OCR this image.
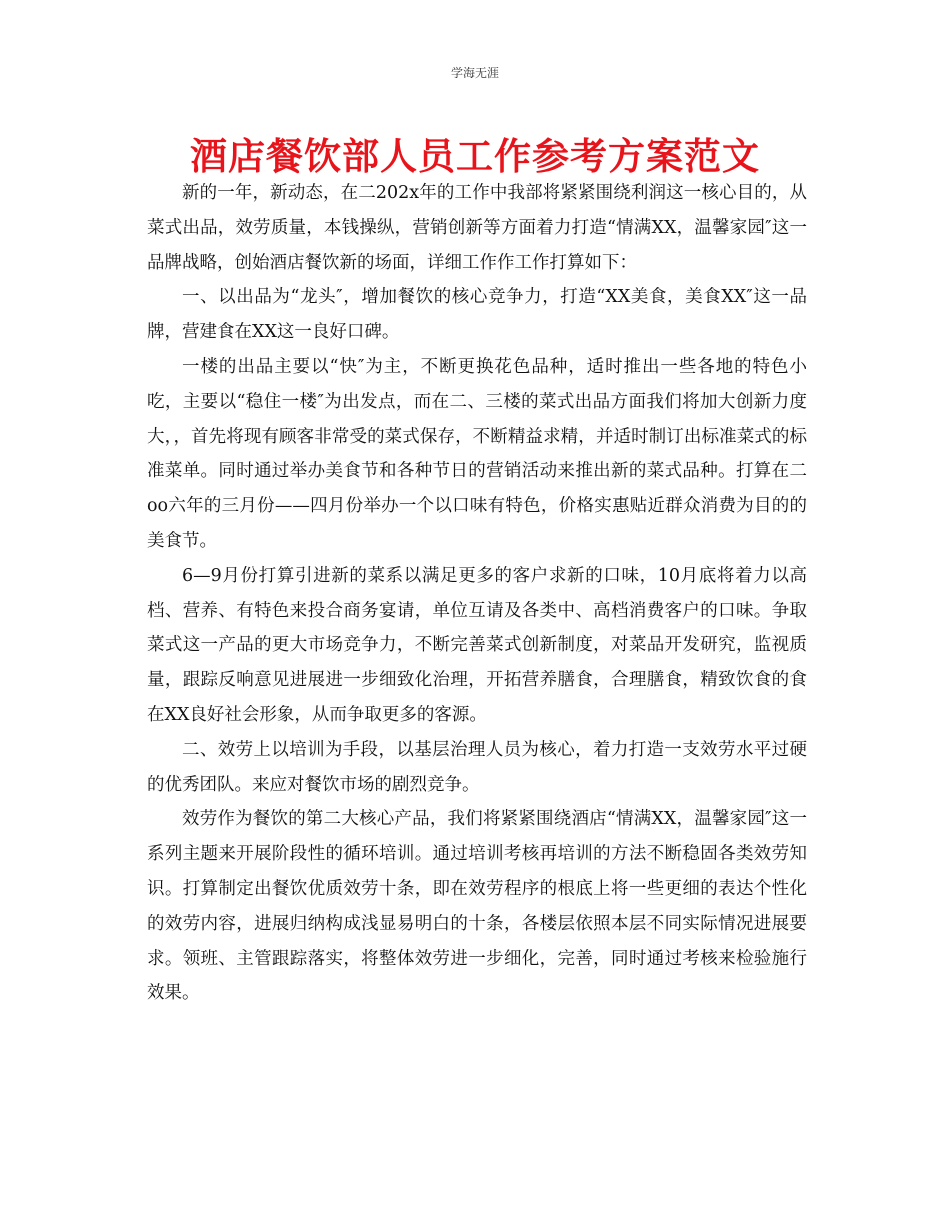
学海无涯
酒店餐饮部人员工作参考方案范文

新的一年，新动态，在二202x年的工作中我部将紧紧围绕利润这一核心目的，从菜式出品，效劳质量，本钱操纵，营销创新等方面着力打造“情满XX，温馨家园″这一品牌战略，创始酒店餐饮新的场面，详细工作作工作打算如下：

一、以出品为“龙头″，增加餐饮的核心竞争力，打造“XX美食，美食XX″这一品牌，营建食在XX这一良好口碑。

一楼的出品主要以“快″为主，不断更换花色品种，适时推出一些各地的特色小吃，主要以“稳住一楼″为出发点，而在二、三楼的菜式出品方面我们将加大创新力度大，，首先将现有顾客非常受的菜式保存，不断精益求精，并适时制订出标准菜式的标准菜单。同时通过举办美食节和各种节日的营销活动来推出新的菜式品种。打算在二oo六年的三月份——四月份举办一个以口味有特色，价格实惠贴近群众消费为目的的美食节。

6—9月份打算引进新的菜系以满足更多的客户求新的口味，10月底将着力以高档、营养、有特色来投合商务宴请，单位互请及各类中、高档消费客户的口味。争取菜式这一产品的更大市场竞争力，不断完善菜式创新制度，对菜品开发研究，监视质量，跟踪反响意见进展进一步细致化治理，开拓营养膳食，合理膳食，精致饮食的食在XX良好社会形象，从而争取更多的客源。

二、效劳上以培训为手段，以基层治理人员为核心，着力打造一支效劳水平过硬的优秀团队。来应对餐饮市场的剧烈竞争。

效劳作为餐饮的第二大核心产品，我们将紧紧围绕酒店“情满XX，温馨家园″这一系列主题来开展阶段性的循环培训。通过培训考核再培训的方法不断稳固各类效劳知识。打算制定出餐饮优质效劳十条，即在效劳程序的根底上将一些更细的表达个性化的效劳内容，进展归纳构成浅显易明白的十条，各楼层依照本层不同实际情况进展要求。领班、主管跟踪落实，将整体效劳进一步细化，完善，同时通过考核来检验施行效果。
